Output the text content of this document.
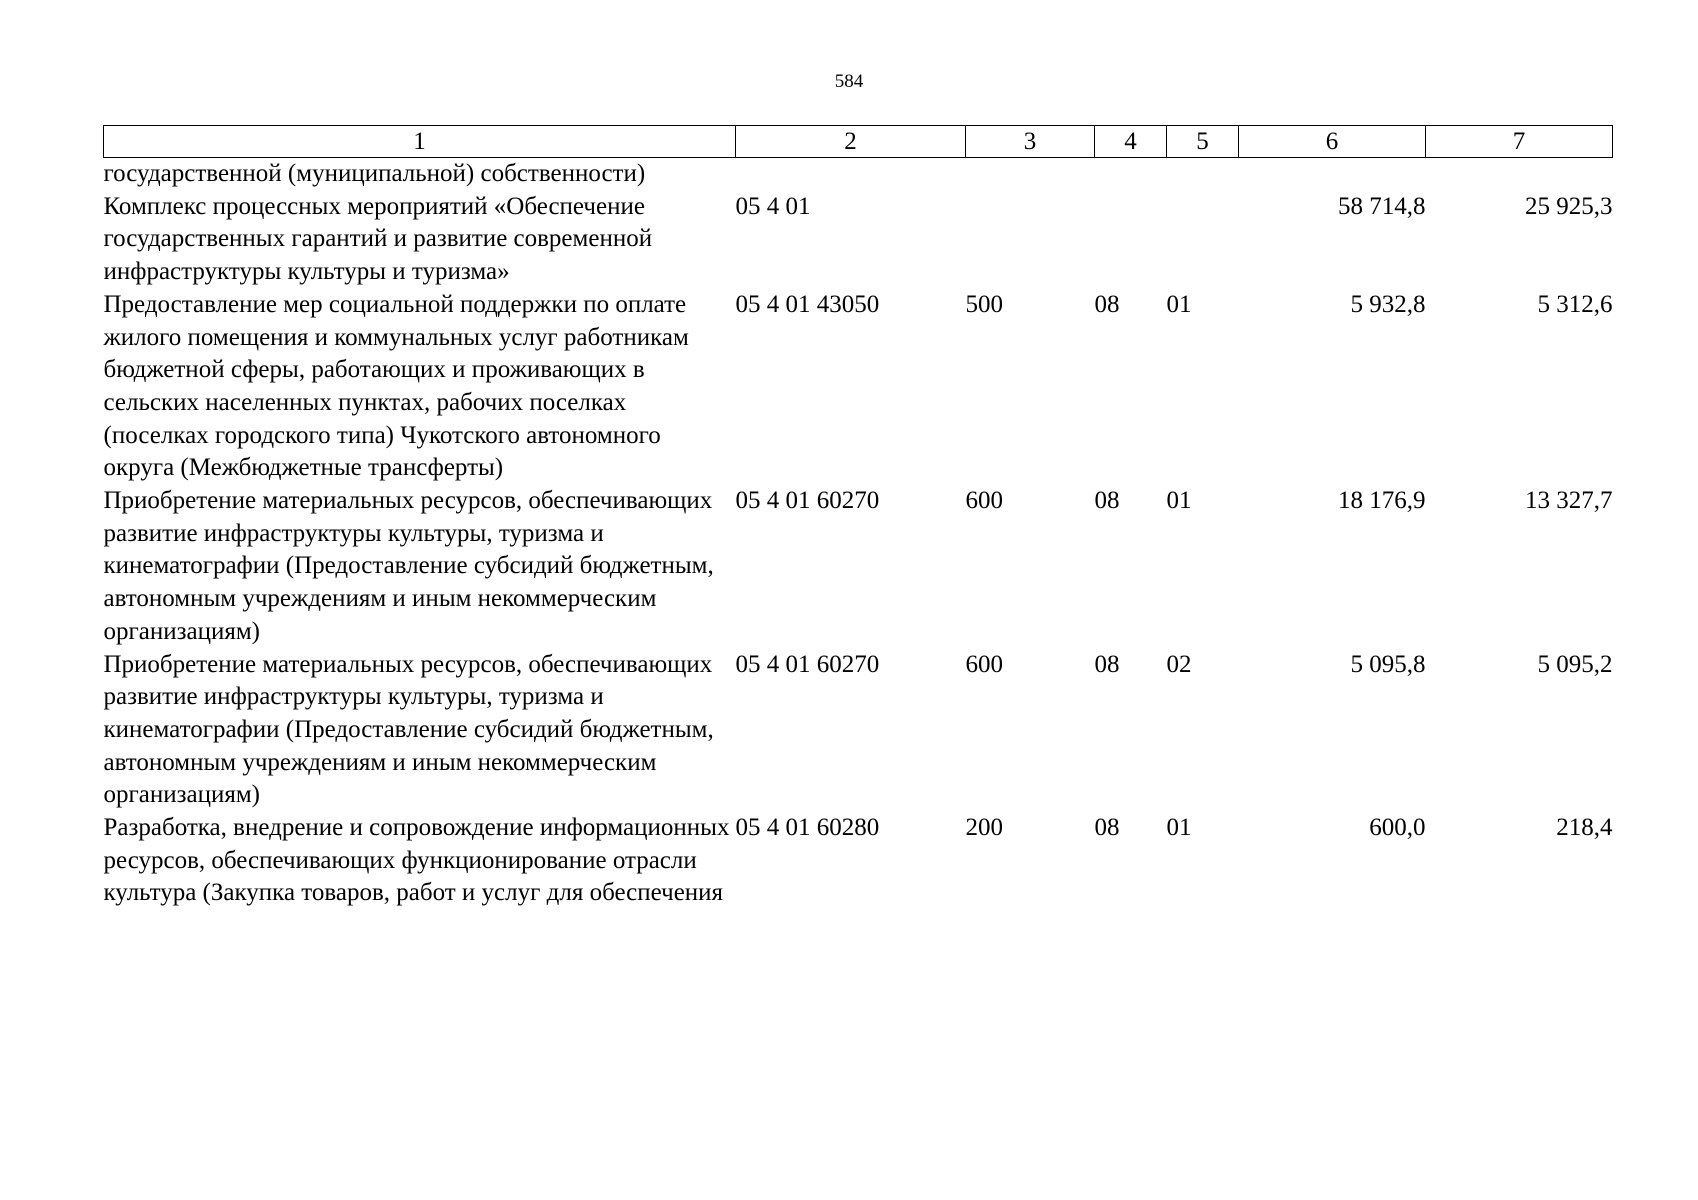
584
1	2	3	4	5	6	7
государственной (муниципальной) собственности)						
Комплекс процессных мероприятий «Обеспечение государственных гарантий и развитие современной инфраструктуры культуры и туризма»	05 4 01				58 714,8	25 925,3
Предоставление мер социальной поддержки по оплате жилого помещения и коммунальных услуг работникам бюджетной сферы, работающих и проживающих в сельских населенных пунктах, рабочих поселках (поселках городского типа) Чукотского автономного округа (Межбюджетные трансферты)	05 4 01 43050	500	08	01	5 932,8	5 312,6
Приобретение материальных ресурсов, обеспечивающих развитие инфраструктуры культуры, туризма и кинематографии (Предоставление субсидий бюджетным, автономным учреждениям и иным некоммерческим организациям)	05 4 01 60270	600	08	01	18 176,9	13 327,7
Приобретение материальных ресурсов, обеспечивающих развитие инфраструктуры культуры, туризма и кинематографии (Предоставление субсидий бюджетным, автономным учреждениям и иным некоммерческим организациям)	05 4 01 60270	600	08	02	5 095,8	5 095,2
Разработка, внедрение и сопровождение информационных ресурсов, обеспечивающих функционирование отрасли культура (Закупка товаров, работ и услуг для обеспечения	05 4 01 60280	200	08	01	600,0	218,4
